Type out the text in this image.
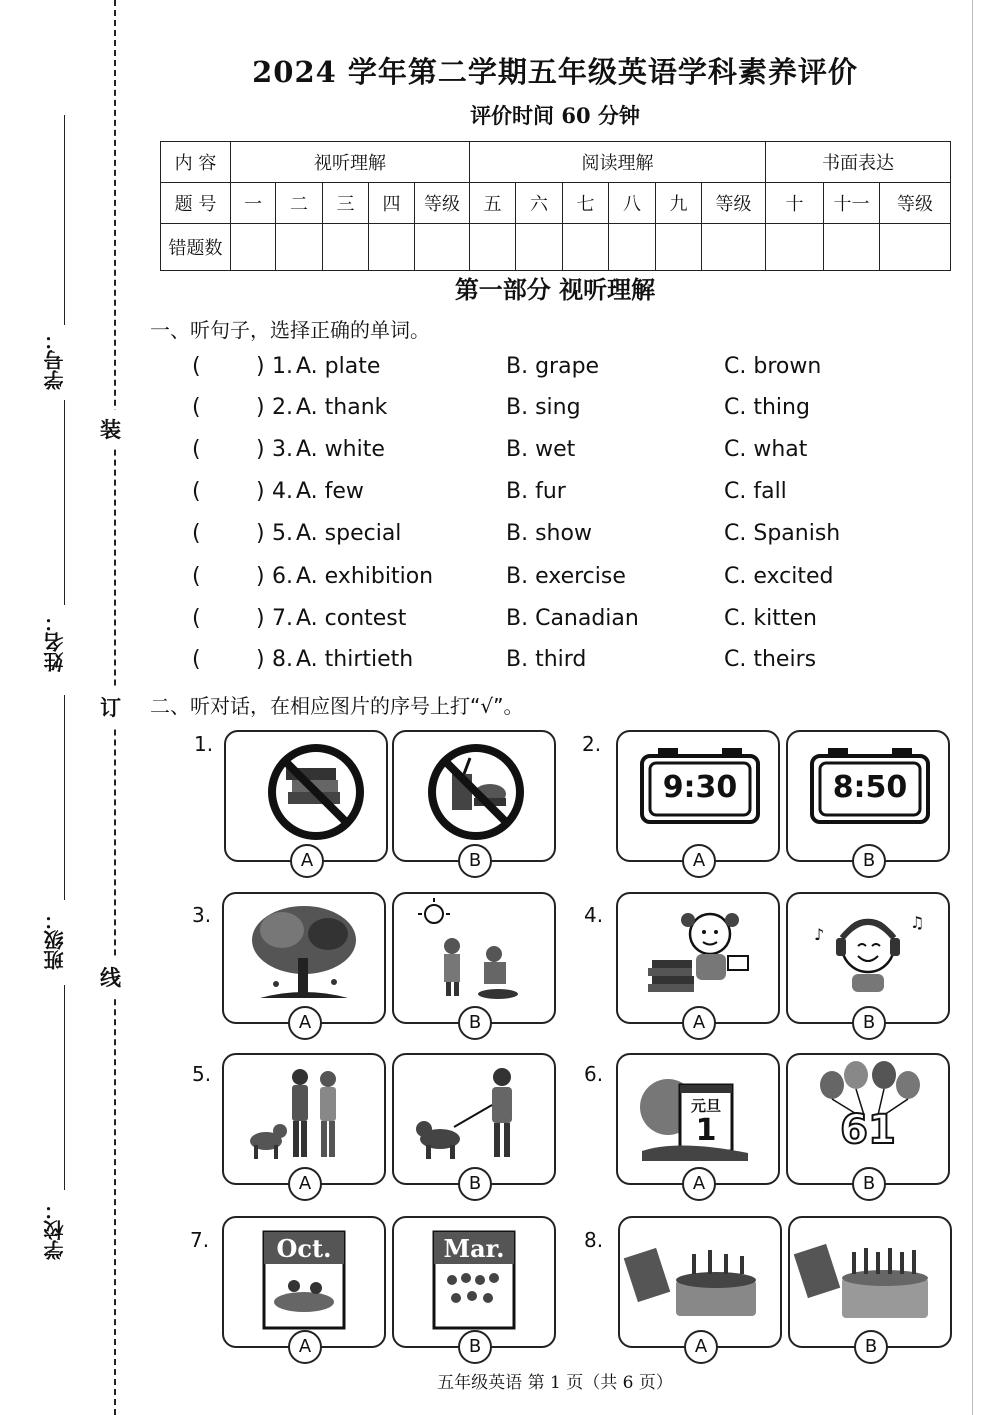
装
订
线
学号：
姓名：
班级：
学校：
2024 学年第二学期五年级英语学科素养评价
评价时间 60 分钟
内 容	视听理解					阅读理解						书面表达		
题 号	一	二	三	四	等级	五	六	七	八	九	等级	十	十一	等级
错题数														
第一部分 视听理解
一、听句子，选择正确的单词。
(	) 1. A. plate	B. grape	C. brown
(	) 2. A. thank	B. sing	C. thing
(	) 3. A. white	B. wet	C. what
(	) 4. A. few	B. fur	C. fall
(	) 5. A. special	B. show	C. Spanish
(	) 6. A. exhibition	B. exercise	C. excited
(	) 7. A. contest	B. Canadian	C. kitten
(	) 8. A. thirtieth	B. third	C. theirs
二、听对话，在相应图片的序号上打“√”。
1.	2.
3.	4.
5.	6.
7.	8.
A	B
9:30
A
8:50
B
A	B	A
♪
♫
B
A	B
元旦
1
A
61
B
Oct.
A
Mar.
B	A	B
五年级英语 第 1 页（共 6 页）
